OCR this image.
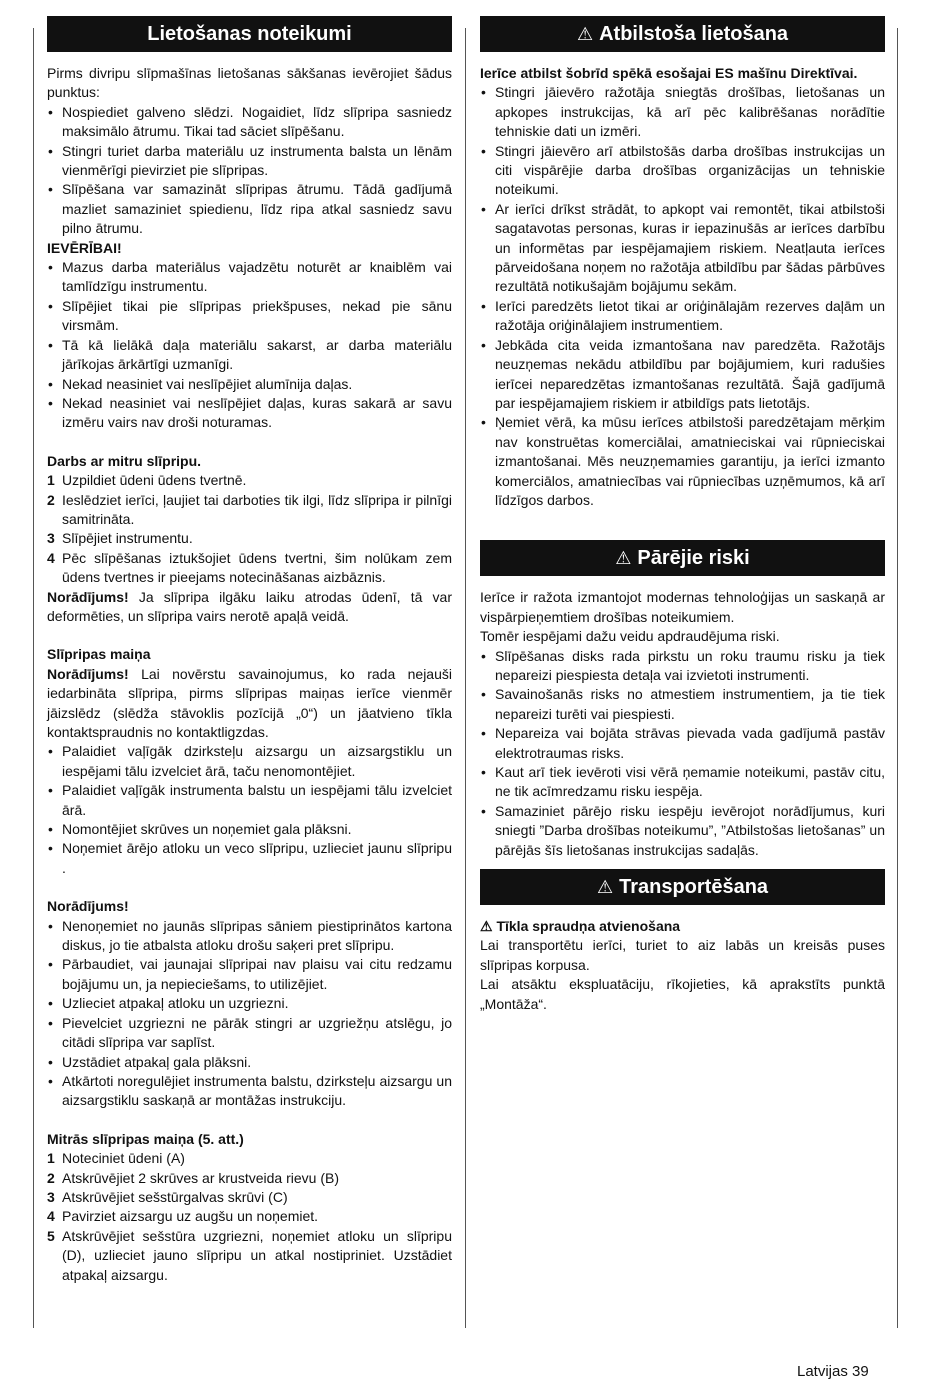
Lietošanas noteikumi

Pirms divripu slīpmašīnas lietošanas sākšanas ievērojiet šādus punktus:

• Nospiediet galveno slēdzi. Nogaidiet, līdz slīpripa sasniedz maksimālo ātrumu. Tikai tad sāciet slīpēšanu.
• Stingri turiet darba materiālu uz instrumenta balsta un lēnām vienmērīgi pievirziet pie slīpripas.
• Slīpēšana var samazināt slīpripas ātrumu. Tādā gadījumā mazliet samaziniet spiedienu, līdz ripa atkal sasniedz savu pilno ātrumu.

IEVĒRĪBAI!

• Mazus darba materiālus vajadzētu noturēt ar knaiblēm vai tamlīdzīgu instrumentu.
• Slīpējiet tikai pie slīpripas priekšpuses, nekad pie sānu virsmām.
• Tā kā lielākā daļa materiālu sakarst, ar darba materiālu jārīkojas ārkārtīgi uzmanīgi.
• Nekad neasiniet vai neslīpējiet alumīnija daļas.
• Nekad neasiniet vai neslīpējiet daļas, kuras sakarā ar savu izmēru vairs nav droši noturamas.

Darbs ar mitru slīpripu.

1 Uzpildiet ūdeni ūdens tvertnē.
2 Ieslēdziet ierīci, ļaujiet tai darboties tik ilgi, līdz slīpripa ir pilnīgi samitrināta.
3 Slīpējiet instrumentu.
4 Pēc slīpēšanas iztukšojiet ūdens tvertni, šim nolūkam zem ūdens tvertnes ir pieejams notecināšanas aizbāznis.

Norādījums! Ja slīpripa ilgāku laiku atrodas ūdenī, tā var deformēties, un slīpripa vairs nerotē apaļā veidā.

Slīpripas maiņa

Norādījums! Lai novērstu savainojumus, ko rada nejauši iedarbināta slīpripa, pirms slīpripas maiņas ierīce vienmēr jāizslēdz (slēdža stāvoklis pozīcijā „0“) un jāatvieno tīkla kontaktspraudnis no kontaktligzdas.

• Palaidiet vaļīgāk dzirksteļu aizsargu un aizsargstiklu un iespējami tālu izvelciet ārā, taču nenomontējiet.
• Palaidiet vaļīgāk instrumenta balstu un iespējami tālu izvelciet ārā.
• Nomontējiet skrūves un noņemiet gala plāksni.
• Noņemiet ārējo atloku un veco slīpripu, uzlieciet jaunu slīpripu .

Norādījums!

• Nenoņemiet no jaunās slīpripas sāniem piestiprinātos kartona diskus, jo tie atbalsta atloku drošu saķeri pret slīpripu.
• Pārbaudiet, vai jaunajai slīpripai nav plaisu vai citu redzamu bojājumu un, ja nepieciešams, to utilizējiet.
• Uzlieciet atpakaļ atloku un uzgriezni.
• Pievelciet uzgriezni ne pārāk stingri ar uzgriežņu atslēgu, jo citādi slīpripa var saplīst.
• Uzstādiet atpakaļ gala plāksni.
• Atkārtoti noregulējiet instrumenta balstu, dzirksteļu aizsargu un aizsargstiklu saskaņā ar montāžas instrukciju.

Mitrās slīpripas maiņa (5. att.)

1 Noteciniet ūdeni (A)
2 Atskrūvējiet 2 skrūves ar krustveida rievu (B)
3 Atskrūvējiet sešstūrgalvas skrūvi (C)
4 Pavirziet aizsargu uz augšu un noņemiet.
5 Atskrūvējiet sešstūra uzgriezni, noņemiet atloku un slīpripu (D), uzlieciet jauno slīpripu un atkal nostipriniet. Uzstādiet atpakaļ aizsargu.
⚠ Atbilstoša lietošana

Ierīce atbilst šobrīd spēkā esošajai ES mašīnu Direktīvai.

• Stingri jāievēro ražotāja sniegtās drošības, lietošanas un apkopes instrukcijas, kā arī pēc kalibrēšanas norādītie tehniskie dati un izmēri.
• Stingri jāievēro arī atbilstošās darba drošības instrukcijas un citi vispārējie darba drošības organizācijas un tehniskie noteikumi.
• Ar ierīci drīkst strādāt, to apkopt vai remontēt, tikai atbilstoši sagatavotas personas, kuras ir iepazinušās ar ierīces darbību un informētas par iespējamajiem riskiem. Neatļauta ierīces pārveidošana noņem no ražotāja atbildību par šādas pārbūves rezultātā notikušajām bojājumu sekām.
• Ierīci paredzēts lietot tikai ar oriģinālajām rezerves daļām un ražotāja oriģinālajiem instrumentiem.
• Jebkāda cita veida izmantošana nav paredzēta. Ražotājs neuzņemas nekādu atbildību par bojājumiem, kuri radušies ierīcei neparedzētas izmantošanas rezultātā. Šajā gadījumā par iespējamajiem riskiem ir atbildīgs pats lietotājs.
• Ņemiet vērā, ka mūsu ierīces atbilstoši paredzētajam mērķim nav konstruētas komerciālai, amatnieciskai vai rūpnieciskai izmantošanai. Mēs neuzņemamies garantiju, ja ierīci izmanto komerciālos, amatniecības vai rūpniecības uzņēmumos, kā arī līdzīgos darbos.
⚠ Pārējie riski

Ierīce ir ražota izmantojot modernas tehnoloģijas un saskaņā ar vispārpieņemtiem drošības noteikumiem.

Tomēr iespējami dažu veidu apdraudējuma riski.

• Slīpēšanas disks rada pirkstu un roku traumu risku ja tiek nepareizi piespiesta detaļa vai izvietoti instrumenti.
• Savainošanās risks no atmestiem instrumentiem, ja tie tiek nepareizi turēti vai piespiesti.
• Nepareiza vai bojāta strāvas pievada vada gadījumā pastāv elektrotraumas risks.
• Kaut arī tiek ievēroti visi vērā ņemamie noteikumi, pastāv citu, ne tik acīmredzamu risku iespēja.
• Samaziniet pārējo risku iespēju ievērojot norādījumus, kuri sniegti ”Darba drošības noteikumu”, ”Atbilstošas lietošanas” un pārējās šīs lietošanas instrukcijas sadaļās.
⚠ Transportēšana

⚠ Tīkla spraudņa atvienošana

Lai transportētu ierīci, turiet to aiz labās un kreisās puses slīpripas korpusa.

Lai atsāktu ekspluatāciju, rīkojieties, kā aprakstīts punktā „Montāža“.

Latvijas 39
